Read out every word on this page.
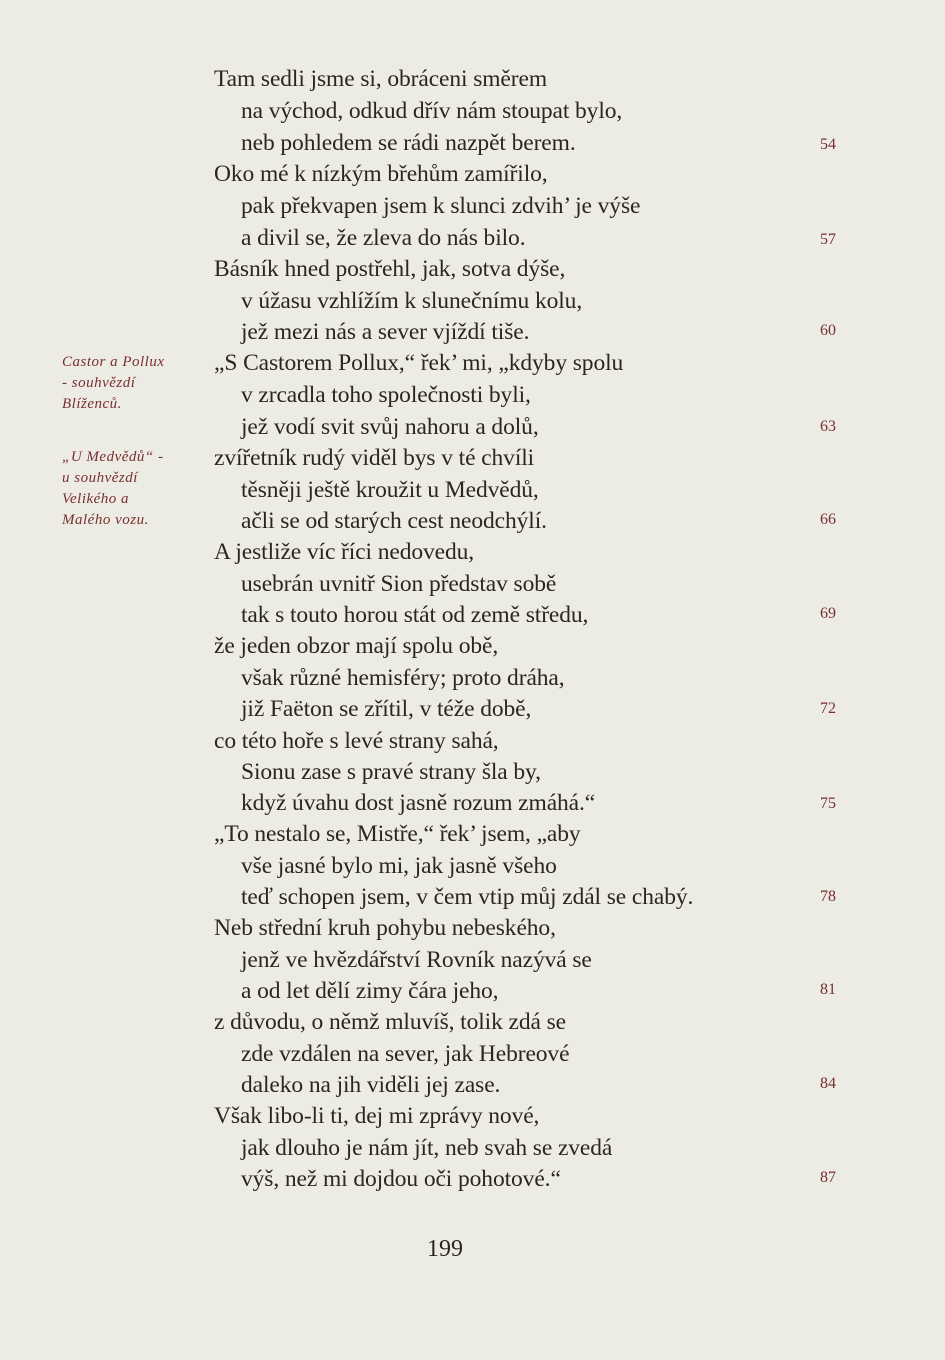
Tam sedli jsme si, obráceni směrem
na východ, odkud dřív nám stoupat bylo,
neb pohledem se rádi nazpět berem.
Oko mé k nízkým břehům zamířilo,
pak překvapen jsem k slunci zdvih’ je výše
a divil se, že zleva do nás bilo.
Básník hned postřehl, jak, sotva dýše,
v úžasu vzhlížím k slunečnímu kolu,
jež mezi nás a sever vjíždí tiše.
„S Castorem Pollux,“ řek’ mi, „kdyby spolu
v zrcadla toho společnosti byli,
jež vodí svit svůj nahoru a dolů,
zvířetník rudý viděl bys v té chvíli
těsněji ještě kroužit u Medvědů,
ačli se od starých cest neodchýlí.
A jestliže víc říci nedovedu,
usebrán uvnitř Sion představ sobě
tak s touto horou stát od země středu,
že jeden obzor mají spolu obě,
však různé hemisféry; proto dráha,
již Faëton se zřítil, v téže době,
co této hoře s levé strany sahá,
Sionu zase s pravé strany šla by,
když úvahu dost jasně rozum zmáhá.“
„To nestalo se, Mistře,“ řek’ jsem, „aby
vše jasné bylo mi, jak jasně všeho
teď schopen jsem, v čem vtip můj zdál se chabý.
Neb střední kruh pohybu nebeského,
jenž ve hvězdářství Rovník nazývá se
a od let dělí zimy čára jeho,
z důvodu, o němž mluvíš, tolik zdá se
zde vzdálen na sever, jak Hebreové
daleko na jih viděli jej zase.
Však libo-li ti, dej mi zprávy nové,
jak dlouho je nám jít, neb svah se zvedá
výš, než mi dojdou oči pohotové.“
54
57
60
63
66
69
72
75
78
81
84
87
Castor a Pollux
- souhvězdí
Blíženců.
„U Medvědů“ -
u souhvězdí
Velikého a
Malého vozu.
199
